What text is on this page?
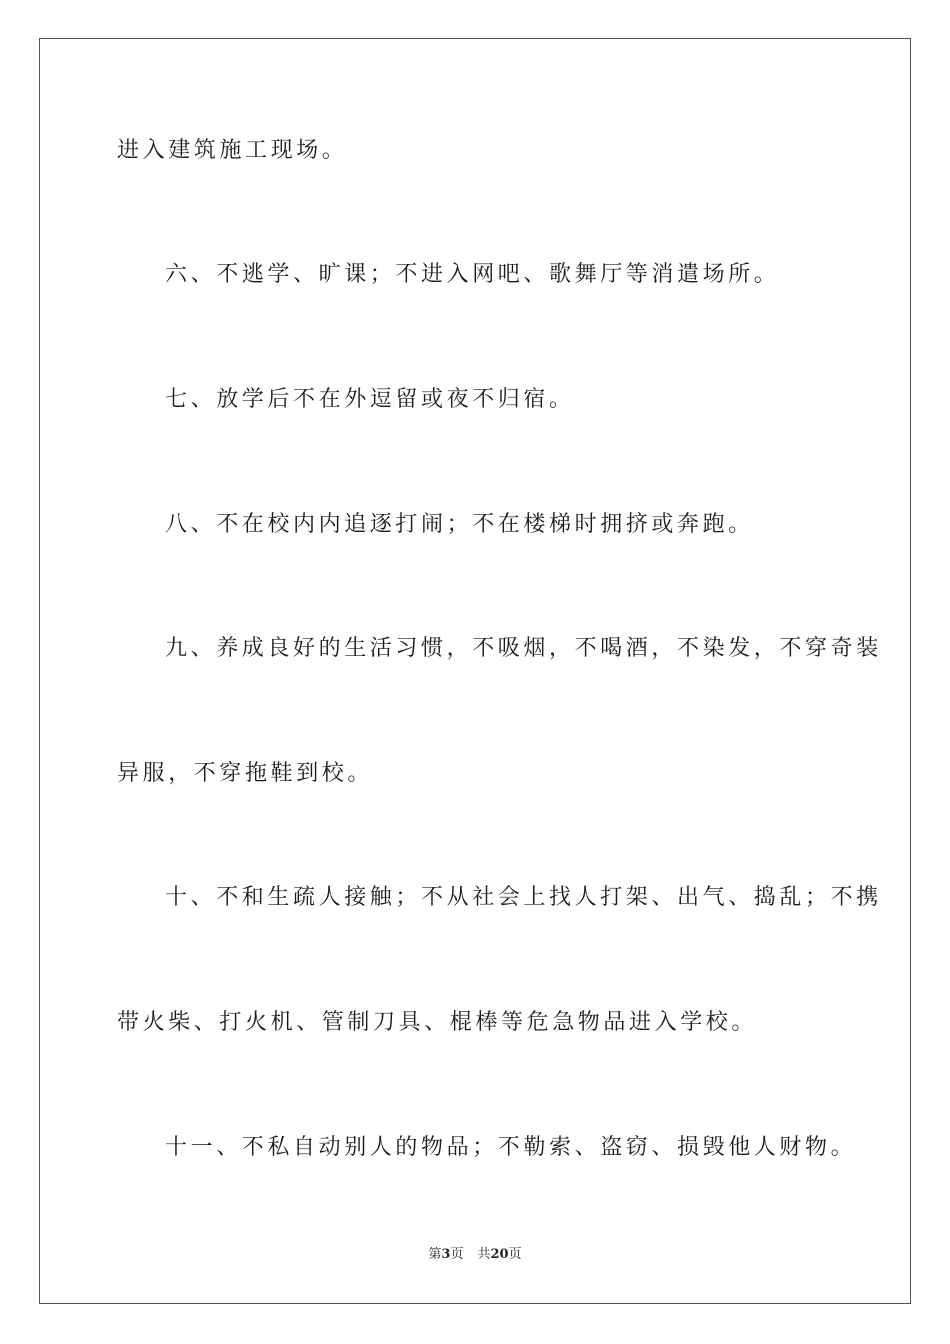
进入建筑施工现场。
六、不逃学、旷课；不进入网吧、歌舞厅等消遣场所。
七、放学后不在外逗留或夜不归宿。
八、不在校内内追逐打闹；不在楼梯时拥挤或奔跑。
九、养成良好的生活习惯，不吸烟，不喝酒，不染发，不穿奇装
异服，不穿拖鞋到校。
十、不和生疏人接触；不从社会上找人打架、出气、捣乱；不携
带火柴、打火机、管制刀具、棍棒等危急物品进入学校。
十一、不私自动别人的物品；不勒索、盗窃、损毁他人财物。
第3页 共20页
